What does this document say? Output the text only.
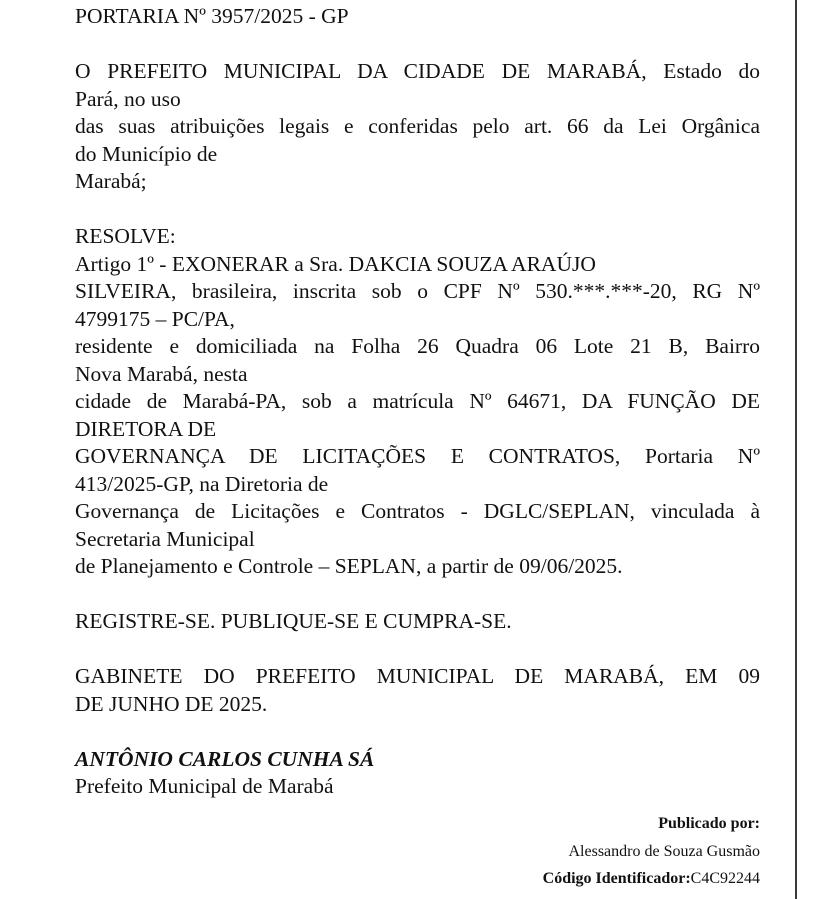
PORTARIA Nº 3957/2025 - GP
O PREFEITO MUNICIPAL DA CIDADE DE MARABÁ, Estado do
Pará, no uso
das suas atribuições legais e conferidas pelo art. 66 da Lei Orgânica
do Município de
Marabá;
RESOLVE:
Artigo 1º - EXONERAR a Sra. DAKCIA SOUZA ARAÚJO
SILVEIRA, brasileira, inscrita sob o CPF Nº 530.***.***-20, RG Nº
4799175 – PC/PA,
residente e domiciliada na Folha 26 Quadra 06 Lote 21 B, Bairro
Nova Marabá, nesta
cidade de Marabá-PA, sob a matrícula Nº 64671, DA FUNÇÃO DE
DIRETORA DE
GOVERNANÇA DE LICITAÇÕES E CONTRATOS, Portaria Nº
413/2025-GP, na Diretoria de
Governança de Licitações e Contratos - DGLC/SEPLAN, vinculada à
Secretaria Municipal
de Planejamento e Controle – SEPLAN, a partir de 09/06/2025.
REGISTRE-SE. PUBLIQUE-SE E CUMPRA-SE.
GABINETE DO PREFEITO MUNICIPAL DE MARABÁ, EM 09
DE JUNHO DE 2025.
ANTÔNIO CARLOS CUNHA SÁ
Prefeito Municipal de Marabá
Publicado por:
Alessandro de Souza Gusmão
Código Identificador:C4C92244
